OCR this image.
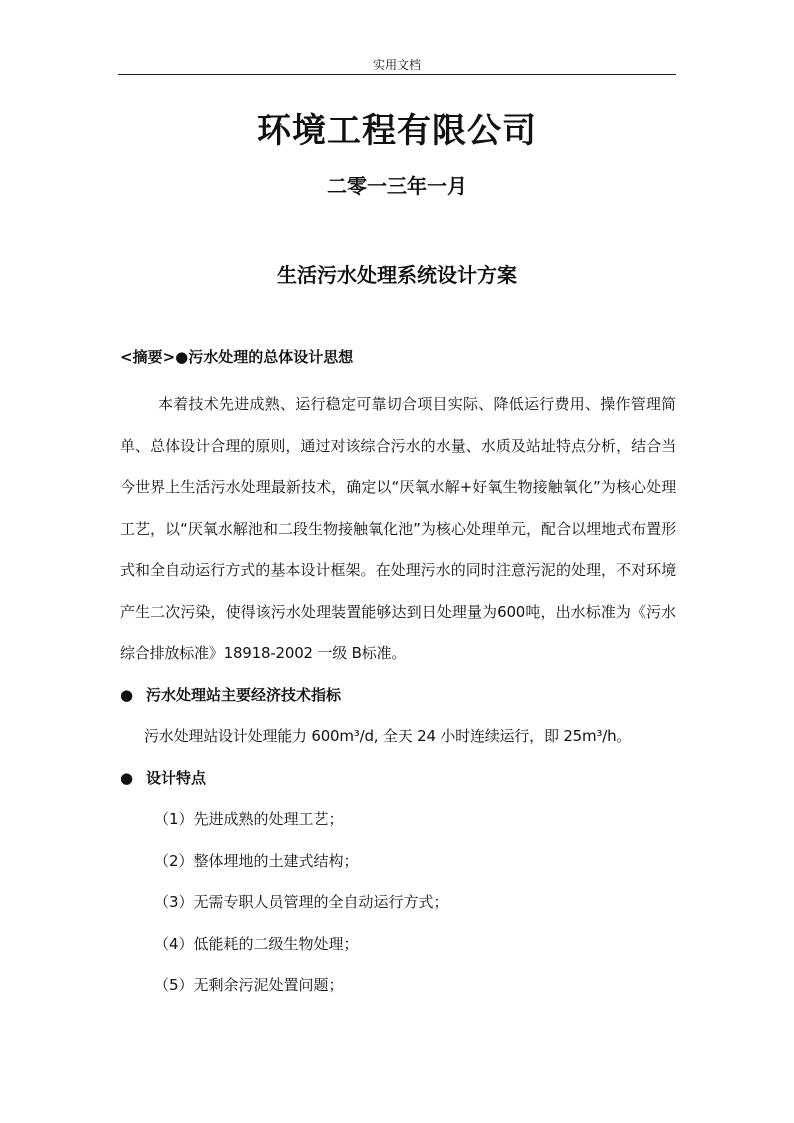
实用文档
环境工程有限公司
二零一三年一月
生活污水处理系统设计方案

<摘要>●污水处理的总体设计思想

本着技术先进成熟、运行稳定可靠切合项目实际、降低运行费用、操作管理简单、总体设计合理的原则，通过对该综合污水的水量、水质及站址特点分析，结合当今世界上生活污水处理最新技术，确定以“厌氧水解+好氧生物接触氧化”为核心处理工艺，以“厌氧水解池和二段生物接触氧化池”为核心处理单元，配合以埋地式布置形式和全自动运行方式的基本设计框架。在处理污水的同时注意污泥的处理，不对环境产生二次污染，使得该污水处理装置能够达到日处理量为600吨，出水标准为《污水综合排放标准》18918-2002 一级 B标准。

● 污水处理站主要经济技术指标

污水处理站设计处理能力 600m³/d, 全天 24 小时连续运行，即 25m³/h。

● 设计特点

（1）先进成熟的处理工艺；
（2）整体埋地的土建式结构；
（3）无需专职人员管理的全自动运行方式；
（4）低能耗的二级生物处理；
（5）无剩余污泥处置问题；
